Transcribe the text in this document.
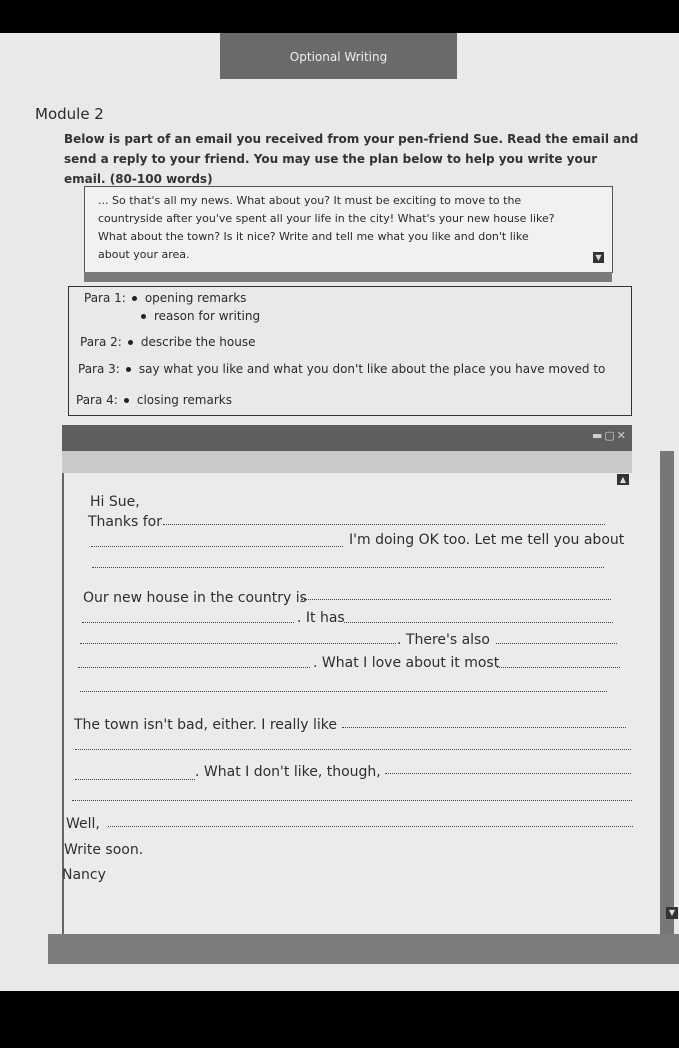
Optional Writing
Module 2
Below is part of an email you received from your pen-friend Sue. Read the email and send a reply to your friend. You may use the plan below to help you write your email. (80-100 words)
... So that's all my news. What about you? It must be exciting to move to the
countryside after you've spent all your life in the city! What's your new house like?
What about the town? Is it nice? Write and tell me what you like and don't like
about your area.	▼
Para 1: opening remarks
reason for writing
Para 2: describe the house
Para 3: say what you like and what you don't like about the place you have moved to
Para 4: closing remarks
▬▢✕
▲
▼
Hi Sue,
Thanks for
I'm doing OK too. Let me tell you about
Our new house in the country is
. It has
. There's also
. What I love about it most
The town isn't bad, either. I really like
. What I don't like, though,
Well,
Write soon.
Nancy
